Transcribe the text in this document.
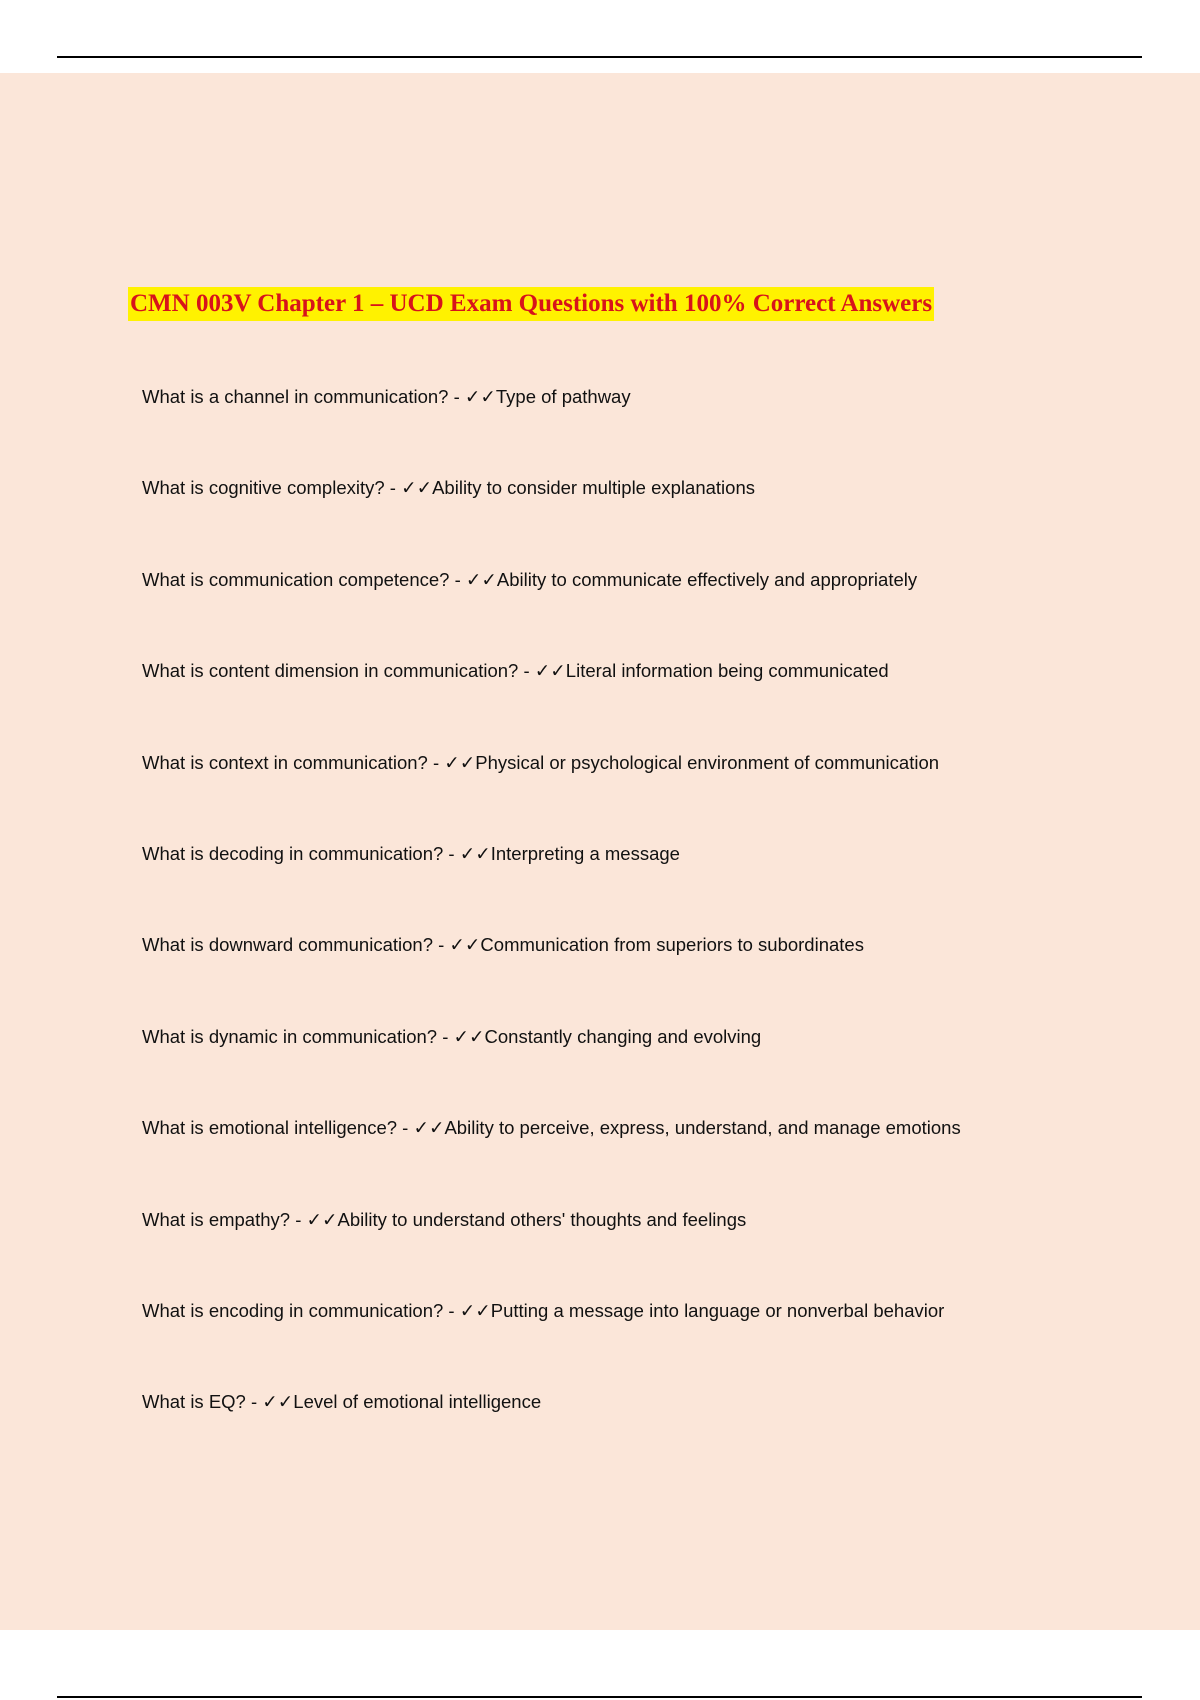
CMN 003V Chapter 1 – UCD Exam Questions with 100% Correct Answers
What is a channel in communication? - ✓✓Type of pathway
What is cognitive complexity? - ✓✓Ability to consider multiple explanations
What is communication competence? - ✓✓Ability to communicate effectively and appropriately
What is content dimension in communication? - ✓✓Literal information being communicated
What is context in communication? - ✓✓Physical or psychological environment of communication
What is decoding in communication? - ✓✓Interpreting a message
What is downward communication? - ✓✓Communication from superiors to subordinates
What is dynamic in communication? - ✓✓Constantly changing and evolving
What is emotional intelligence? - ✓✓Ability to perceive, express, understand, and manage emotions
What is empathy? - ✓✓Ability to understand others' thoughts and feelings
What is encoding in communication? - ✓✓Putting a message into language or nonverbal behavior
What is EQ? - ✓✓Level of emotional intelligence
